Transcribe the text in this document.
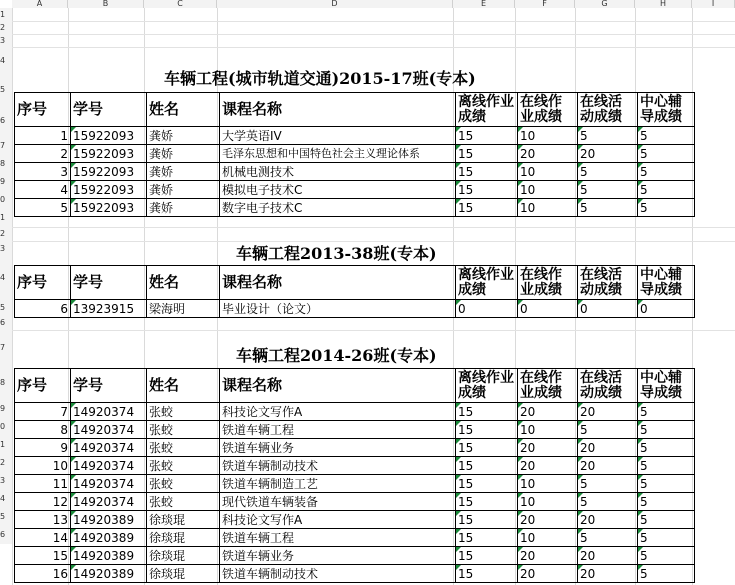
A	B	C	D	E	F	G	H	I
1
2
3
4
5
6
7
8
9
0
1
2
3
4
5
6
7
8
9
0
1
2
3
4
5
6
车辆工程(城市轨道交通)2015-17班(专本)
序号	学号	姓名	课程名称	离线作业成绩	在线作业成绩	在线活动成绩	中心辅导成绩
1	15922093	龚娇	大学英语IV	15	10	5	5
2	15922093	龚娇	毛泽东思想和中国特色社会主义理论体系	15	20	20	5
3	15922093	龚娇	机械电测技术	15	10	5	5
4	15922093	龚娇	模拟电子技术C	15	10	5	5
5	15922093	龚娇	数字电子技术C	15	10	5	5
车辆工程2013-38班(专本)
序号	学号	姓名	课程名称	离线作业成绩	在线作业成绩	在线活动成绩	中心辅导成绩
6	13923915	梁海明	毕业设计（论文）	0	0	0	0
车辆工程2014-26班(专本)
序号	学号	姓名	课程名称	离线作业成绩	在线作业成绩	在线活动成绩	中心辅导成绩
7	14920374	张蛟	科技论文写作A	15	20	20	5
8	14920374	张蛟	铁道车辆工程	15	10	5	5
9	14920374	张蛟	铁道车辆业务	15	20	20	5
10	14920374	张蛟	铁道车辆制动技术	15	20	20	5
11	14920374	张蛟	铁道车辆制造工艺	15	10	5	5
12	14920374	张蛟	现代铁道车辆装备	15	10	5	5
13	14920389	徐琰琨	科技论文写作A	15	20	20	5
14	14920389	徐琰琨	铁道车辆工程	15	10	5	5
15	14920389	徐琰琨	铁道车辆业务	15	20	20	5
16	14920389	徐琰琨	铁道车辆制动技术	15	20	20	5
